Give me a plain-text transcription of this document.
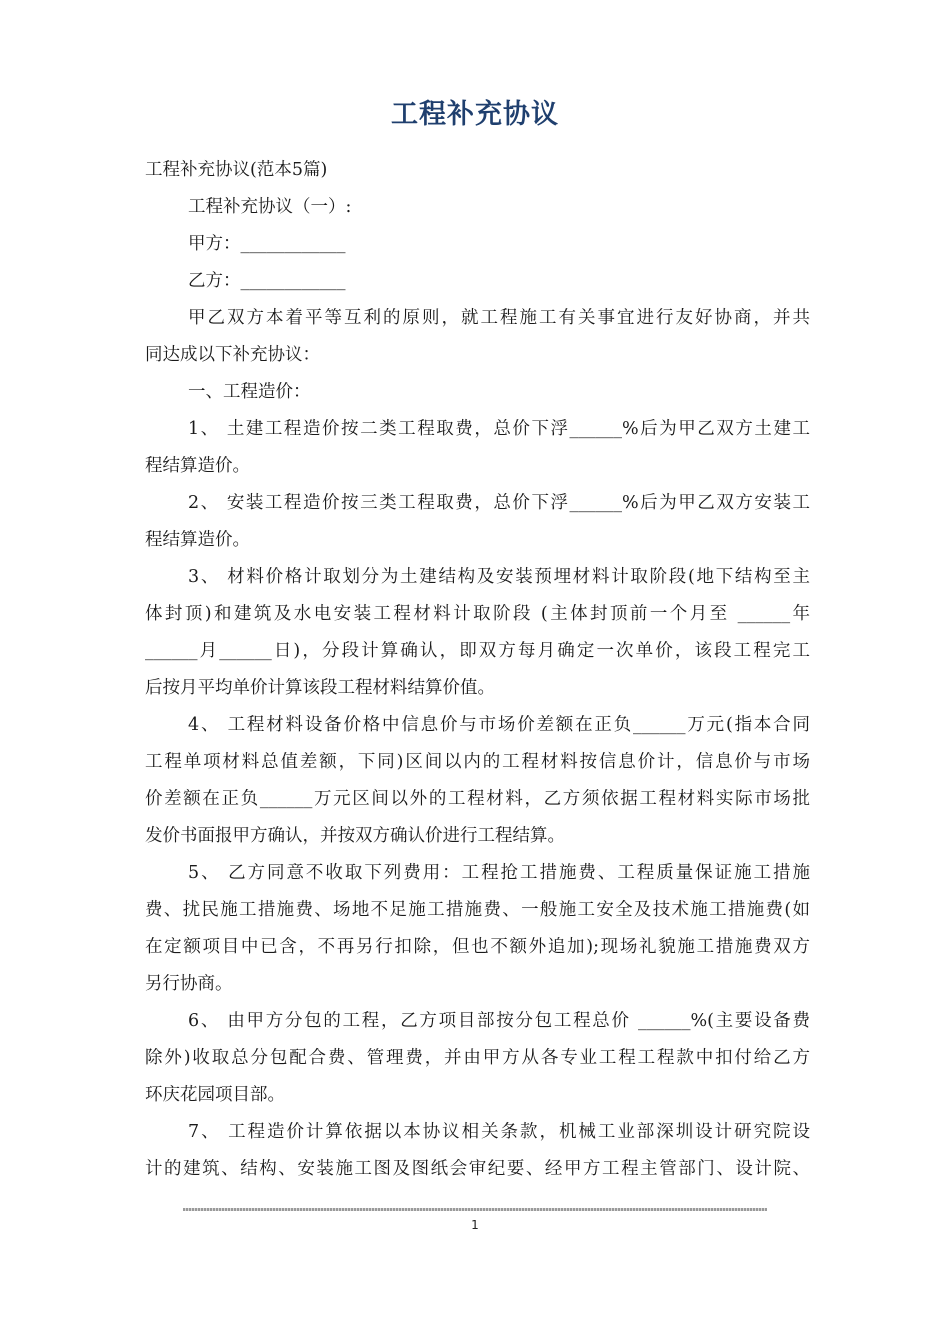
工程补充协议
工程补充协议(范本5篇)
工程补充协议（一）:
甲方：____________
乙方：____________
甲乙双方本着平等互利的原则，就工程施工有关事宜进行友好协商，并共
同达成以下补充协议：
一、工程造价：
1、 土建工程造价按二类工程取费，总价下浮______%后为甲乙双方土建工
程结算造价。
2、 安装工程造价按三类工程取费，总价下浮______%后为甲乙双方安装工
程结算造价。
3、 材料价格计取划分为土建结构及安装预埋材料计取阶段(地下结构至主
体封顶)和建筑及水电安装工程材料计取阶段 (主体封顶前一个月至 ______年
______月______日)，分段计算确认，即双方每月确定一次单价，该段工程完工
后按月平均单价计算该段工程材料结算价值。
4、 工程材料设备价格中信息价与市场价差额在正负______万元(指本合同
工程单项材料总值差额，下同)区间以内的工程材料按信息价计，信息价与市场
价差额在正负______万元区间以外的工程材料，乙方须依据工程材料实际市场批
发价书面报甲方确认，并按双方确认价进行工程结算。
5、 乙方同意不收取下列费用：工程抢工措施费、工程质量保证施工措施
费、扰民施工措施费、场地不足施工措施费、一般施工安全及技术施工措施费(如
在定额项目中已含，不再另行扣除，但也不额外追加);现场礼貌施工措施费双方
另行协商。
6、 由甲方分包的工程，乙方项目部按分包工程总价 ______%(主要设备费
除外)收取总分包配合费、管理费，并由甲方从各专业工程工程款中扣付给乙方
环庆花园项目部。
7、 工程造价计算依据以本协议相关条款，机械工业部深圳设计研究院设
计的建筑、结构、安装施工图及图纸会审纪要、经甲方工程主管部门、设计院、
1
